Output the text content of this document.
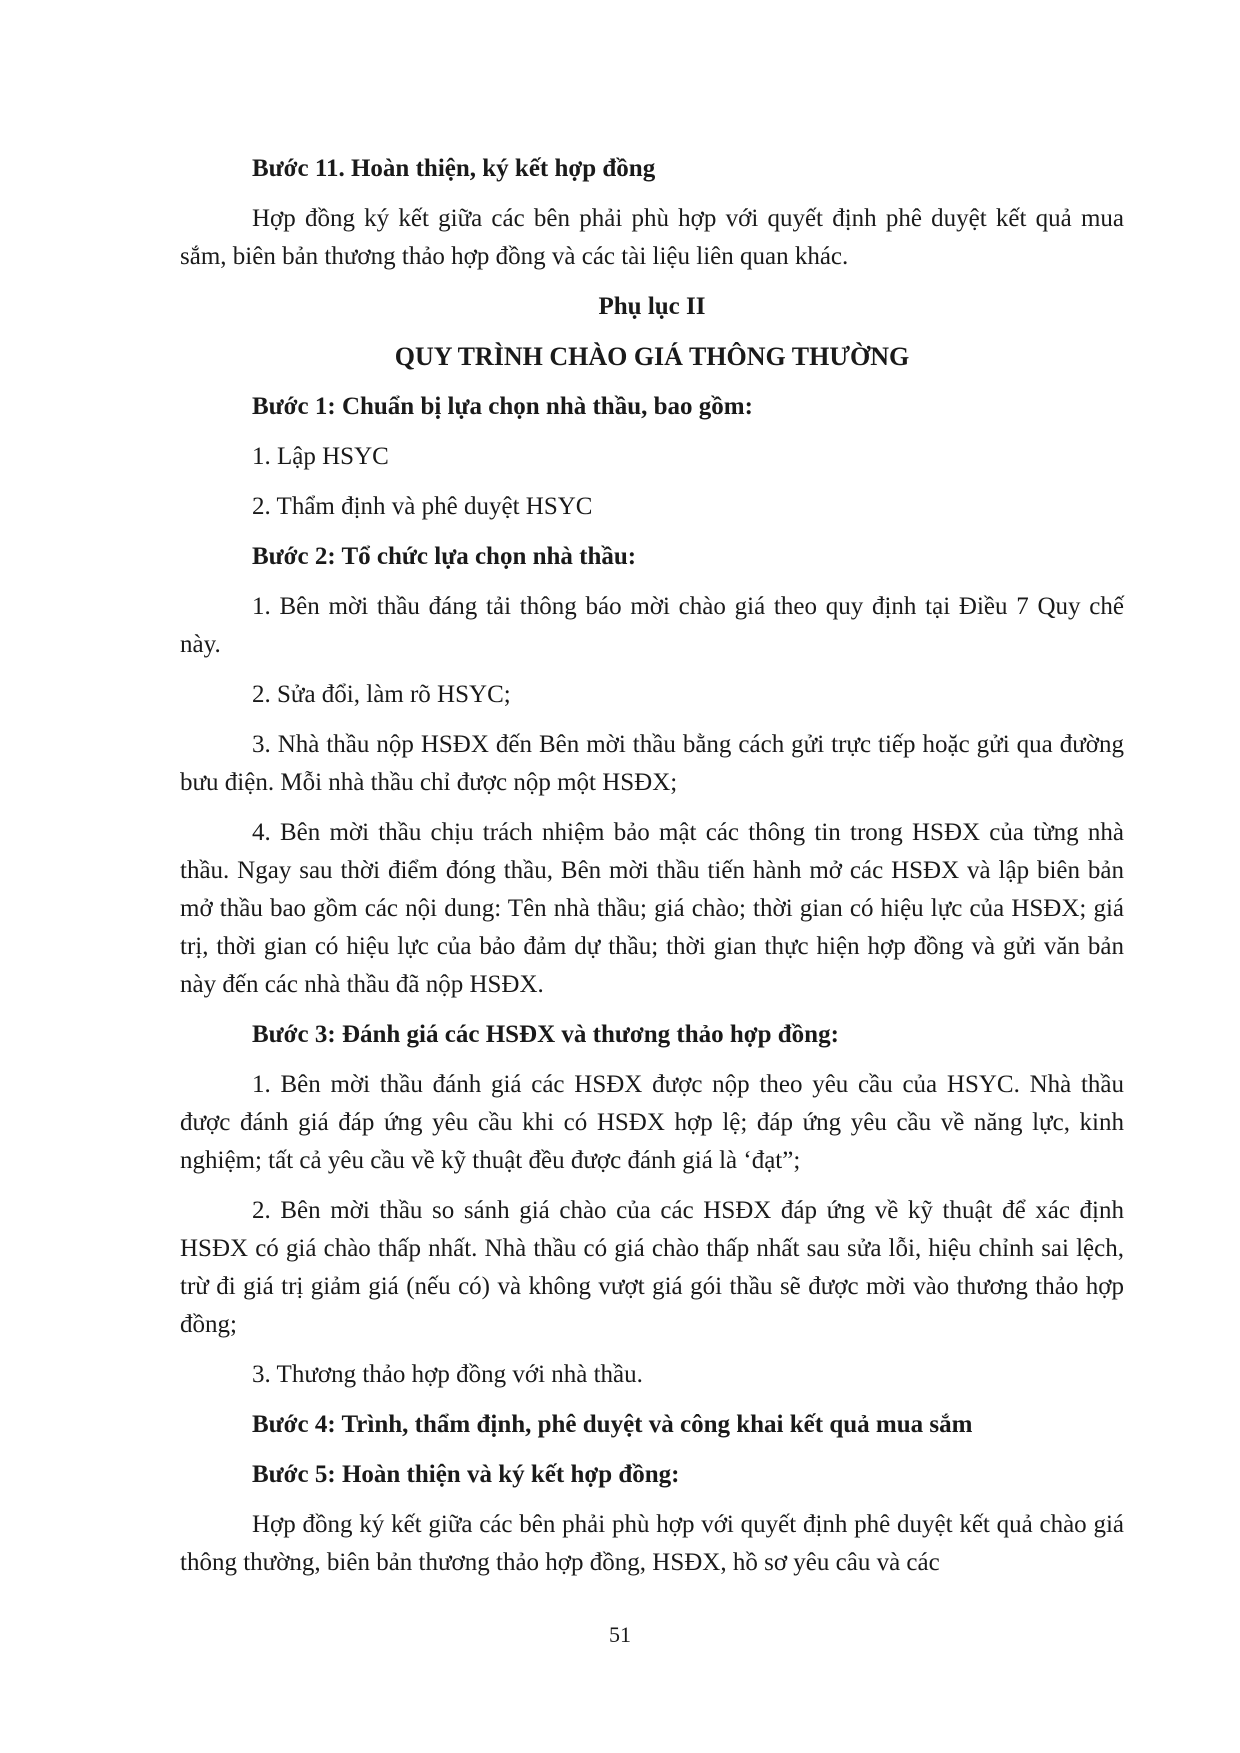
Bước 11. Hoàn thiện, ký kết hợp đồng

Hợp đồng ký kết giữa các bên phải phù hợp với quyết định phê duyệt kết quả mua sắm, biên bản thương thảo hợp đồng và các tài liệu liên quan khác.

Phụ lục II

QUY TRÌNH CHÀO GIÁ THÔNG THƯỜNG

Bước 1: Chuẩn bị lựa chọn nhà thầu, bao gồm:

1. Lập HSYC

2. Thẩm định và phê duyệt HSYC

Bước 2: Tổ chức lựa chọn nhà thầu:

1. Bên mời thầu đáng tải thông báo mời chào giá theo quy định tại Điều 7 Quy chế này.

2. Sửa đổi, làm rõ HSYC;

3. Nhà thầu nộp HSĐX đến Bên mời thầu bằng cách gửi trực tiếp hoặc gửi qua đường bưu điện. Mỗi nhà thầu chỉ được nộp một HSĐX;

4. Bên mời thầu chịu trách nhiệm bảo mật các thông tin trong HSĐX của từng nhà thầu. Ngay sau thời điểm đóng thầu, Bên mời thầu tiến hành mở các HSĐX và lập biên bản mở thầu bao gồm các nội dung: Tên nhà thầu; giá chào; thời gian có hiệu lực của HSĐX; giá trị, thời gian có hiệu lực của bảo đảm dự thầu; thời gian thực hiện hợp đồng và gửi văn bản này đến các nhà thầu đã nộp HSĐX.

Bước 3: Đánh giá các HSĐX và thương thảo hợp đồng:

1. Bên mời thầu đánh giá các HSĐX được nộp theo yêu cầu của HSYC. Nhà thầu được đánh giá đáp ứng yêu cầu khi có HSĐX hợp lệ; đáp ứng yêu cầu về năng lực, kinh nghiệm; tất cả yêu cầu về kỹ thuật đều được đánh giá là ‘đạt”;

2. Bên mời thầu so sánh giá chào của các HSĐX đáp ứng về kỹ thuật để xác định HSĐX có giá chào thấp nhất. Nhà thầu có giá chào thấp nhất sau sửa lỗi, hiệu chỉnh sai lệch, trừ đi giá trị giảm giá (nếu có) và không vượt giá gói thầu sẽ được mời vào thương thảo hợp đồng;

3. Thương thảo hợp đồng với nhà thầu.

Bước 4: Trình, thẩm định, phê duyệt và công khai kết quả mua sắm

Bước 5: Hoàn thiện và ký kết hợp đồng:

Hợp đồng ký kết giữa các bên phải phù hợp với quyết định phê duyệt kết quả chào giá thông thường, biên bản thương thảo hợp đồng, HSĐX, hồ sơ yêu câu và các

51
